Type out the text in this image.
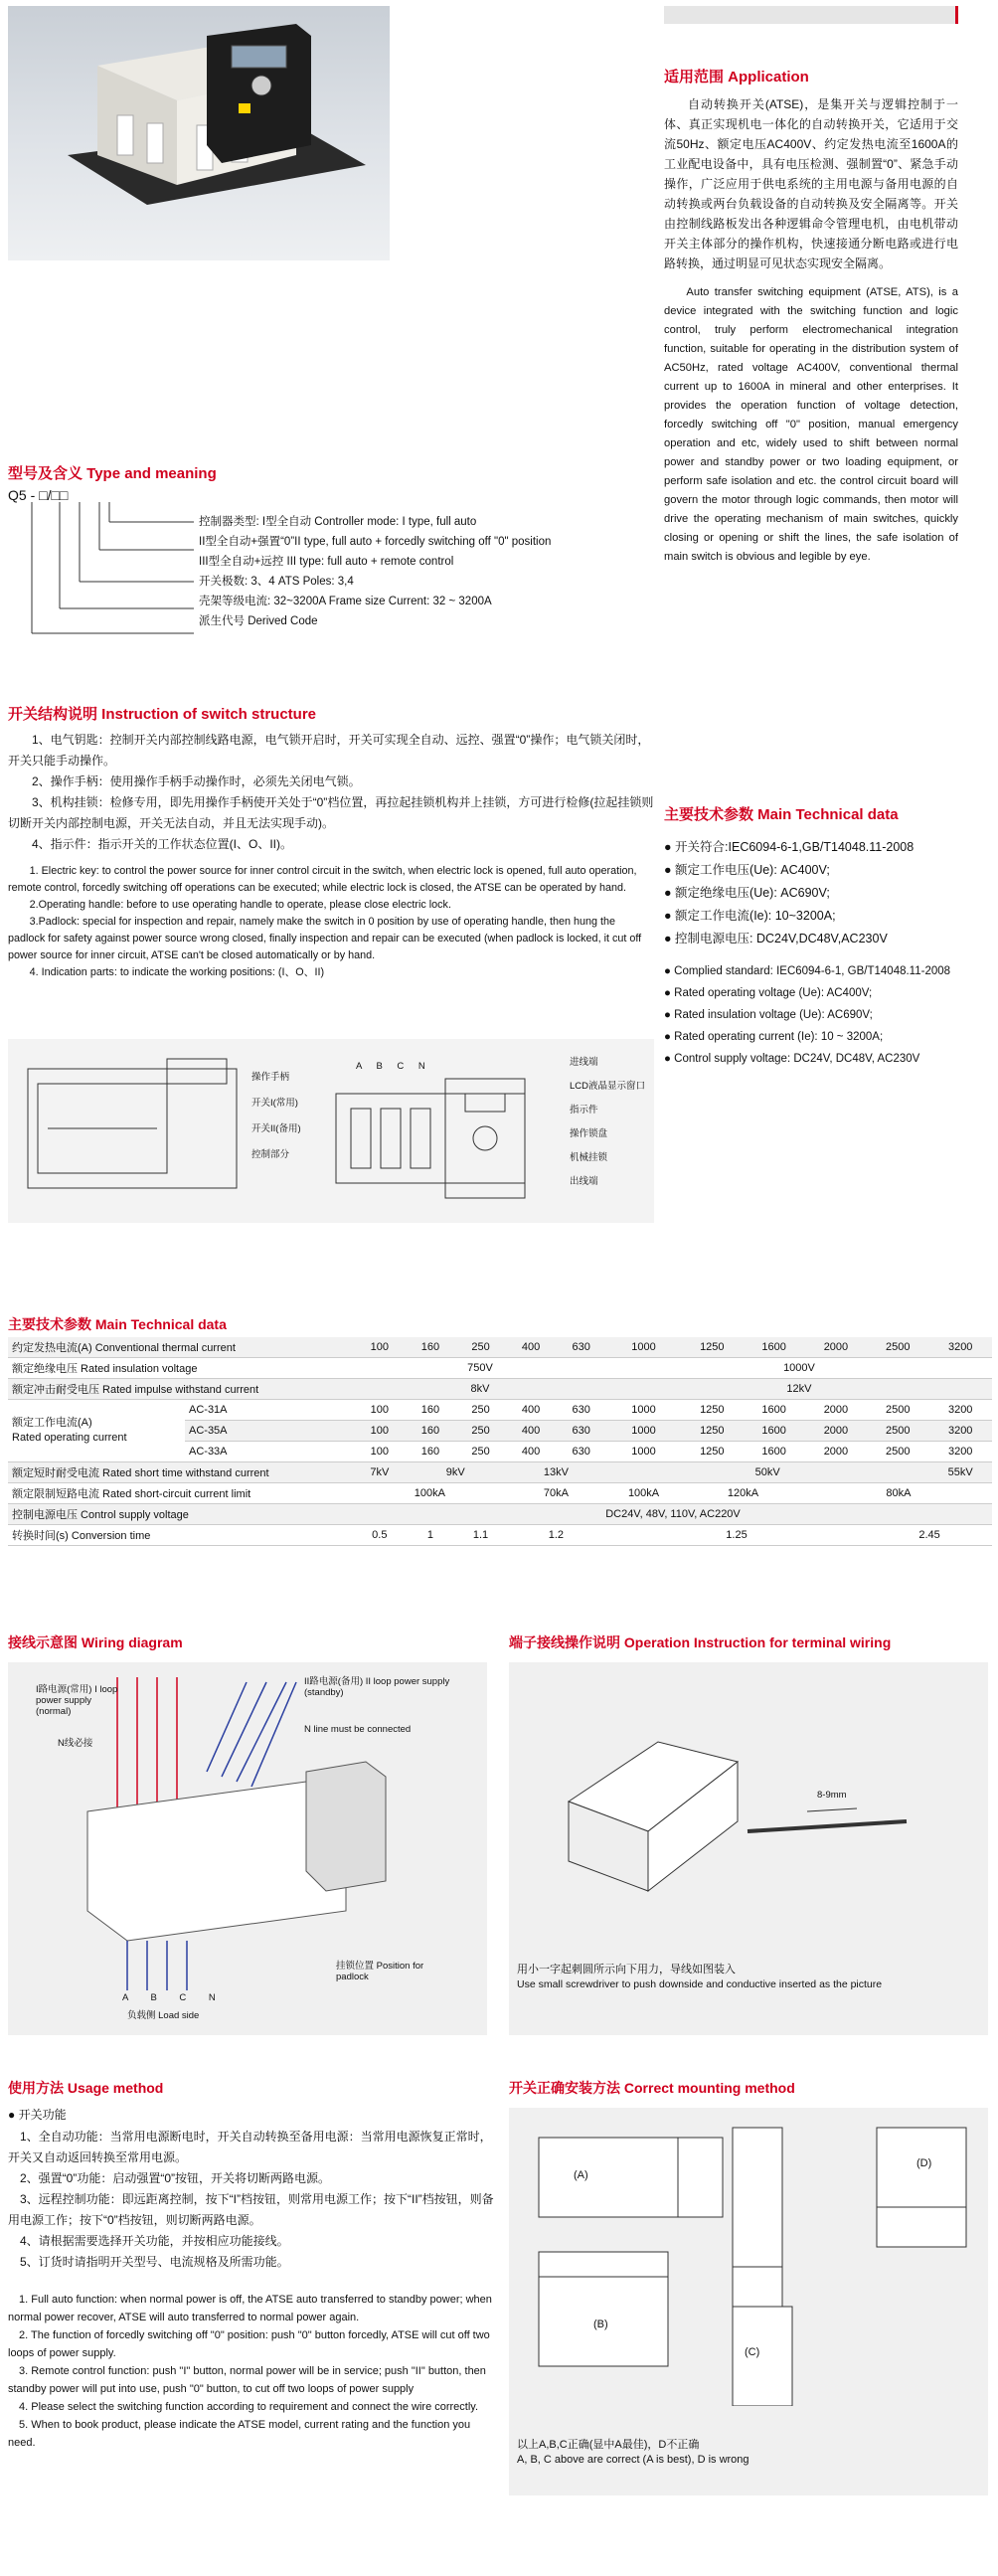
适用范围 Application

自动转换开关(ATSE)，是集开关与逻辑控制于一体、真正实现机电一体化的自动转换开关，它适用于交流50Hz、额定电压AC400V、约定发热电流至1600A的工业配电设备中，具有电压检测、强制置“0”、紧急手动操作，广泛应用于供电系统的主用电源与备用电源的自动转换或两台负载设备的自动转换及安全隔离等。开关由控制线路板发出各种逻辑命令管理电机，由电机带动开关主体部分的操作机构，快速接通分断电路或进行电路转换，通过明显可见状态实现安全隔离。

Auto transfer switching equipment (ATSE, ATS), is a device integrated with the switching function and logic control, truly perform electromechanical integration function, suitable for operating in the distribution system of AC50Hz, rated voltage AC400V, conventional thermal current up to 1600A in mineral and other enterprises. It provides the operation function of voltage detection, forcedly switching off "0" position, manual emergency operation and etc, widely used to shift between normal power and standby power or two loading equipment, or perform safe isolation and etc. the control circuit board will govern the motor through logic commands, then motor will drive the operating mechanism of main switches, quickly closing or opening or shift the lines, the safe isolation of main switch is obvious and legible by eye.

型号及含义 Type and meaning
Q5 - □/□□
控制器类型: I型全自动 Controller mode: I type, full auto
II型全自动+强置“0”II type, full auto + forcedly switching off "0" position
III型全自动+远控 III type: full auto + remote control
开关极数: 3、4 ATS Poles: 3,4
壳架等级电流: 32~3200A Frame size Current: 32 ~ 3200A
派生代号 Derived Code
主要技术参数 Main Technical data
● 开关符合:IEC6094-6-1,GB/T14048.11-2008
● 额定工作电压(Ue): AC400V;
● 额定绝缘电压(Ue): AC690V;
● 额定工作电流(Ie): 10~3200A;
● 控制电源电压: DC24V,DC48V,AC230V
● Complied standard: IEC6094-6-1, GB/T14048.11-2008
● Rated operating voltage (Ue): AC400V;
● Rated insulation voltage (Ue): AC690V;
● Rated operating current (Ie): 10 ~ 3200A;
● Control supply voltage: DC24V, DC48V, AC230V
开关结构说明 Instruction of switch structure

1、电气钥匙：控制开关内部控制线路电源，电气锁开启时，开关可实现全自动、远控、强置“0”操作；电气锁关闭时，开关只能手动操作。

2、操作手柄：使用操作手柄手动操作时，必须先关闭电气锁。

3、机构挂锁：检修专用，即先用操作手柄使开关处于“0”档位置，再拉起挂锁机构并上挂锁，方可进行检修(拉起挂锁则切断开关内部控制电源，开关无法自动，并且无法实现手动)。

4、指示件：指示开关的工作状态位置(I、O、II)。

1. Electric key: to control the power source for inner control circuit in the switch, when electric lock is opened, full auto operation, remote control, forcedly switching off operations can be executed; while electric lock is closed, the ATSE can be operated by hand.

2.Operating handle: before to use operating handle to operate, please close electric lock.

3.Padlock: special for inspection and repair, namely make the switch in 0 position by use of operating handle, then hung the padlock for safety against power source wrong closed, finally inspection and repair can be executed (when padlock is locked, it cut off power source for inner circuit, ATSE can't be closed automatically or by hand.

4. Indication parts: to indicate the working positions: (I、O、II)

操作手柄
开关I(常用)
开关II(备用)
控制部分
A B C N	进线端
LCD液晶显示窗口
指示件
操作锁盘
机械挂锁
出线端
主要技术参数 Main Technical data
约定发热电流(A) Conventional thermal current		100	160	250	400	630	1000	1250	1600	2000	2500	3200
额定绝缘电压 Rated insulation voltage		750V					1000V					
额定冲击耐受电压 Rated impulse withstand current		8kV					12kV					

额定工作电流(A)
Rated operating current	AC-31A	100	160	250	400	630	1000	1250	1600	2000	2500	3200
	AC-35A	100	160	250	400	630	1000	1250	1600	2000	2500	3200
	AC-33A	100	160	250	400	630	1000	1250	1600	2000	2500	3200
额定短时耐受电流 Rated short time withstand current		7kV	9kV		13kV		50kV					55kV
额定限制短路电流 Rated short-circuit current limit		100kA			70kA		100kA	120kA		80kA		
控制电源电压 Control supply voltage		DC24V, 48V, 110V, AC220V										
转换时间(s) Conversion time		0.5	1	1.1	1.2		1.25				2.45	
接线示意图 Wiring diagram
I路电源(常用) I loop power supply (normal)
II路电源(备用) II loop power supply (standby)
N线必接
N line must be connected
挂锁位置 Position for padlock
A B C N
负载侧 Load side
端子接线操作说明 Operation Instruction for terminal wiring
8-9mm
用小一字起刺圆所示向下用力，导线如图装入
Use small screwdriver to push downside and conductive inserted as the picture
使用方法 Usage method
● 开关功能

1、全自动功能：当常用电源断电时，开关自动转换至备用电源：当常用电源恢复正常时，开关又自动返回转换至常用电源。

2、强置“0”功能：启动强置“0”按钮，开关将切断两路电源。

3、远程控制功能：即远距离控制，按下“I”档按钮，则常用电源工作；按下“II”档按钮，则备用电源工作；按下“0”档按钮，则切断两路电源。

4、请根据需要选择开关功能，并按相应功能接线。

5、订货时请指明开关型号、电流规格及所需功能。

1. Full auto function: when normal power is off, the ATSE auto transferred to standby power; when normal power recover, ATSE will auto transferred to normal power again.

2. The function of forcedly switching off "0" position: push "0" button forcedly, ATSE will cut off two loops of power supply.

3. Remote control function: push "I" button, normal power will be in service; push "II" button, then standby power will put into use, push "0" button, to cut off two loops of power supply

4. Please select the switching function according to requirement and connect the wire correctly.

5. When to book product, please indicate the ATSE model, current rating and the function you need.

开关正确安装方法 Correct mounting method
(A)
(B)
(C)
(D)
以上A,B,C正确(显中A最佳)，D不正确
A, B, C above are correct (A is best), D is wrong
